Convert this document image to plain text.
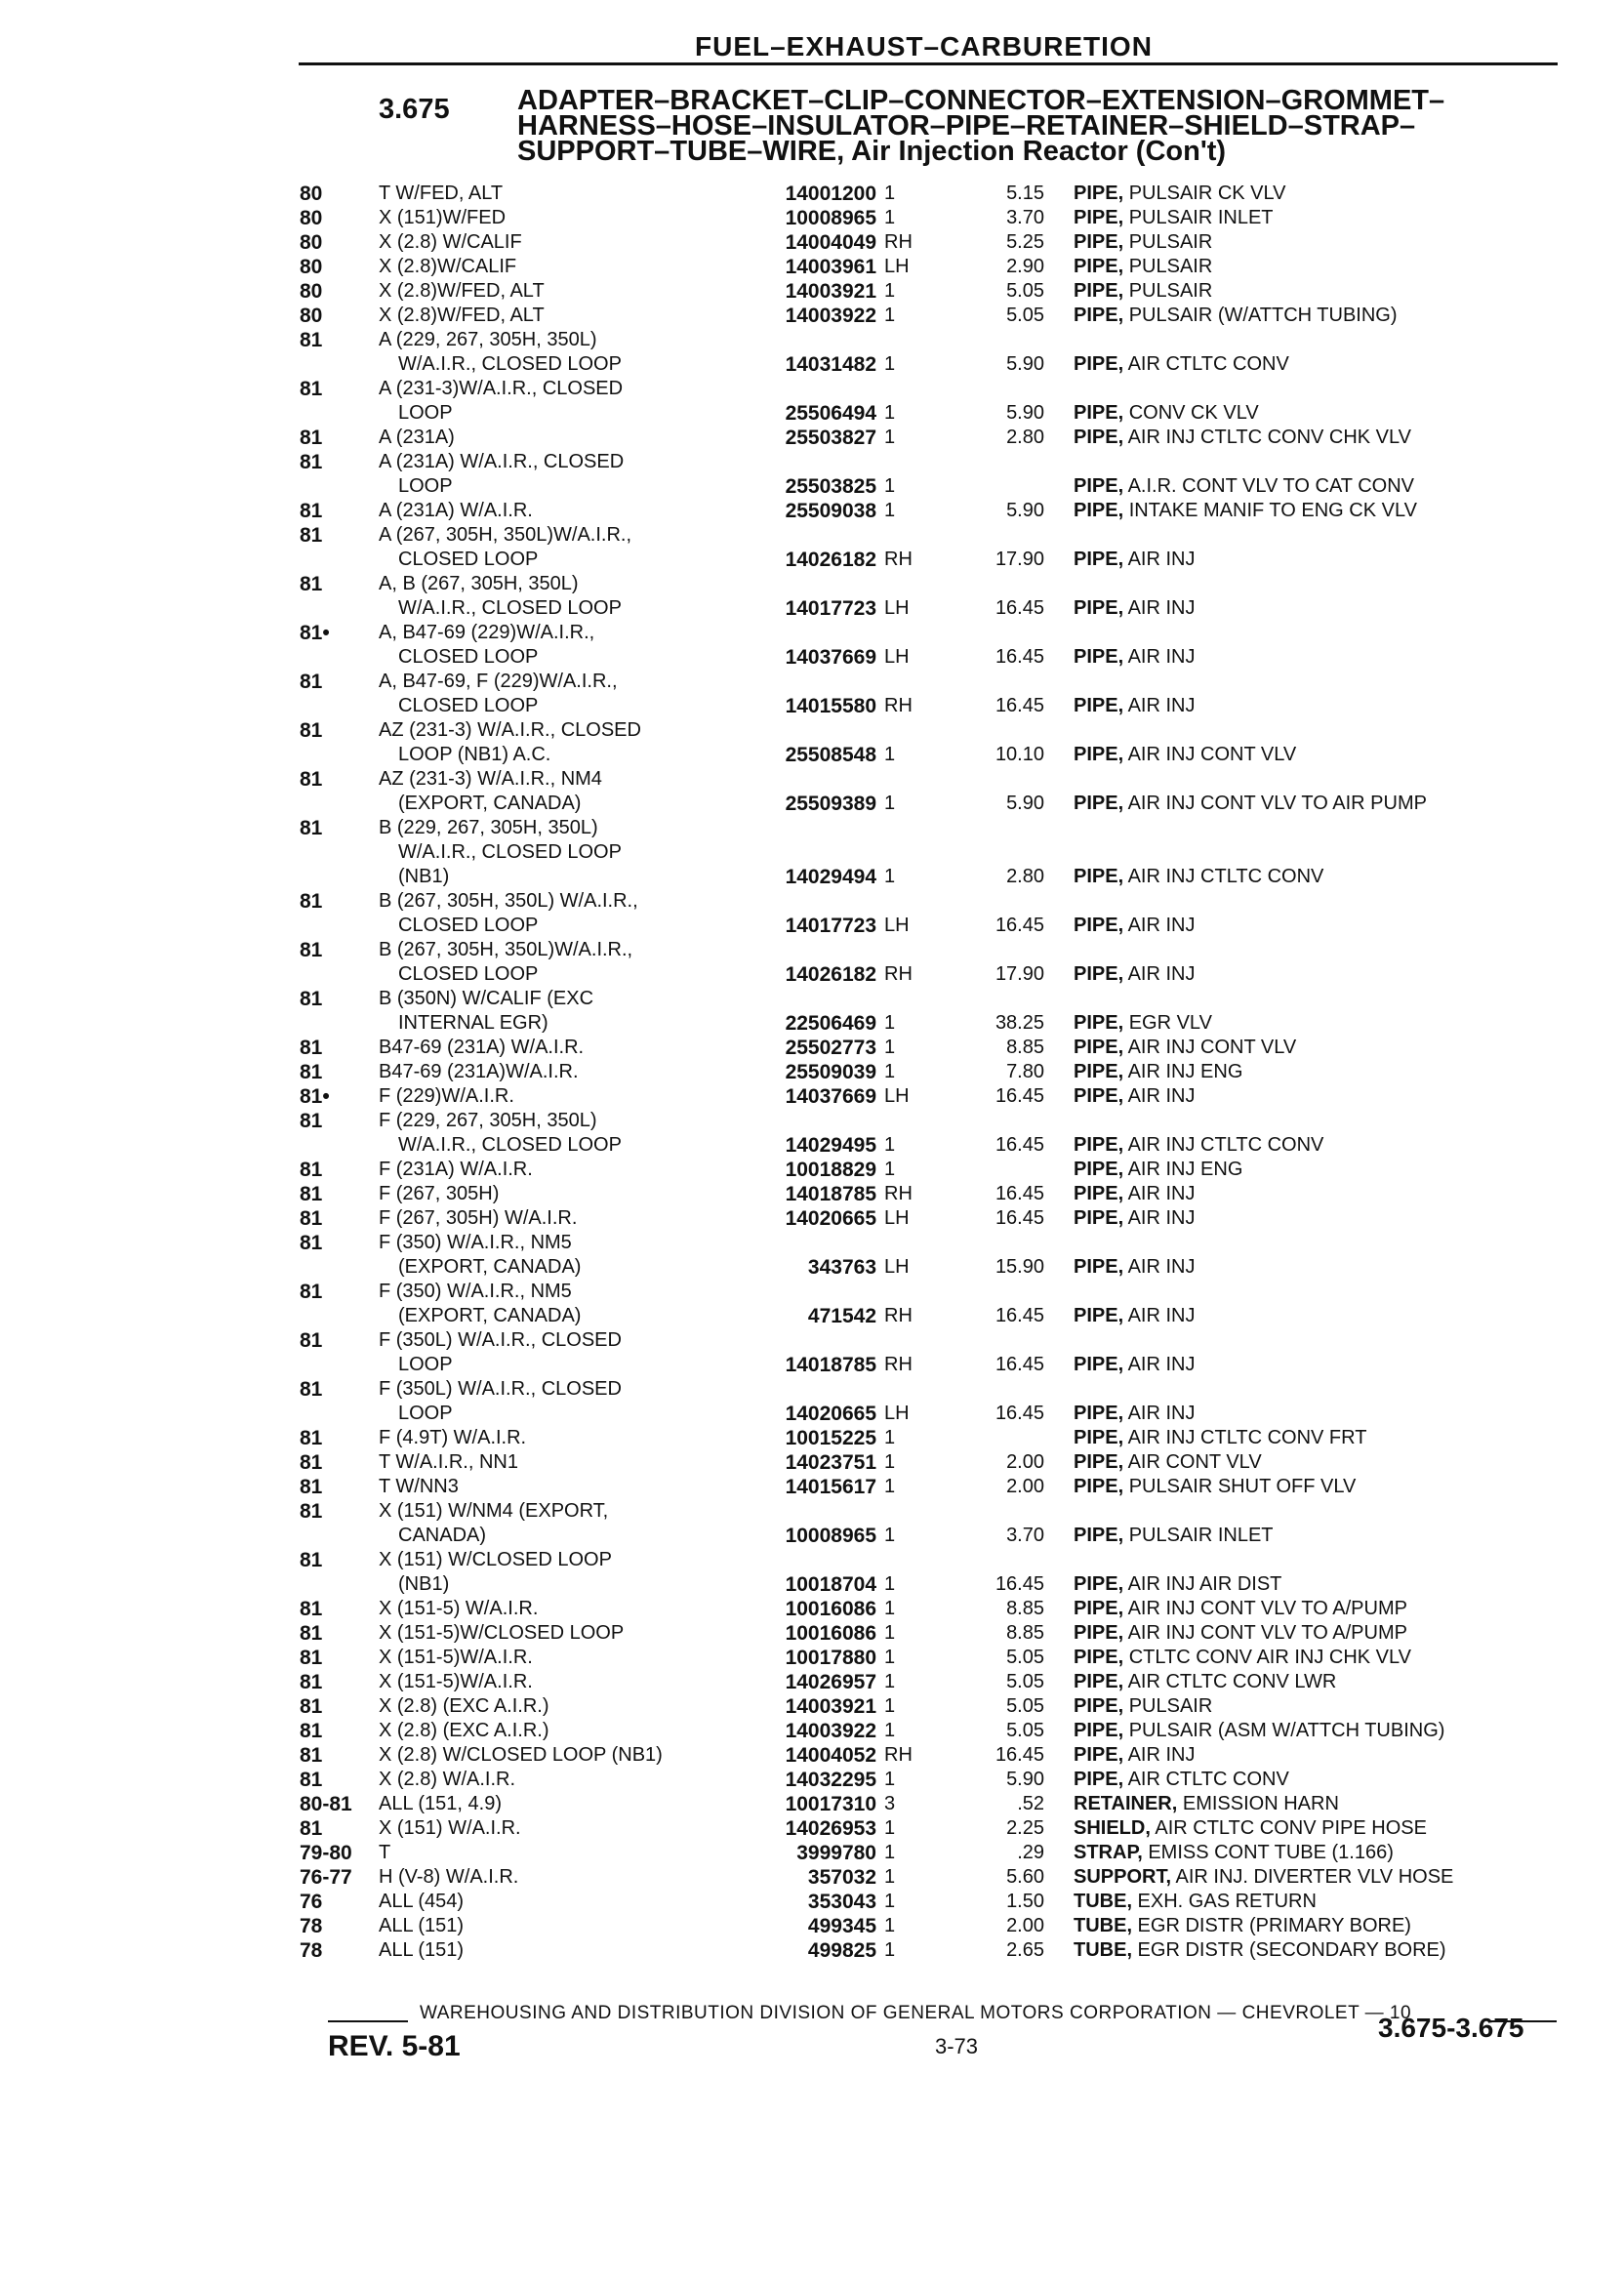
FUEL–EXHAUST–CARBURETION
3.675 ADAPTER–BRACKET–CLIP–CONNECTOR–EXTENSION–GROMMET–
HARNESS–HOSE–INSULATOR–PIPE–RETAINER–SHIELD–STRAP–
SUPPORT–TUBE–WIRE, Air Injection Reactor (Con't)
80	T W/FED, ALT	14001200 1	5.15 PIPE, PULSAIR CK VLV
80	X (151)W/FED	10008965 1	3.70 PIPE, PULSAIR INLET
80	X (2.8) W/CALIF	14004049 RH	5.25 PIPE, PULSAIR
80	X (2.8)W/CALIF	14003961 LH	2.90 PIPE, PULSAIR
80	X (2.8)W/FED, ALT	14003921 1	5.05 PIPE, PULSAIR
80	X (2.8)W/FED, ALT	14003922 1	5.05 PIPE, PULSAIR (W/ATTCH TUBING)
81	A (229, 267, 305H, 350L)
W/A.I.R., CLOSED LOOP	14031482 1	5.90 PIPE, AIR CTLTC CONV
81	A (231-3)W/A.I.R., CLOSED
LOOP	25506494 1	5.90 PIPE, CONV CK VLV
81	A (231A)	25503827 1	2.80 PIPE, AIR INJ CTLTC CONV CHK VLV
81	A (231A) W/A.I.R., CLOSED
LOOP	25503825 1	PIPE, A.I.R. CONT VLV TO CAT CONV
81	A (231A) W/A.I.R.	25509038 1	5.90 PIPE, INTAKE MANIF TO ENG CK VLV
81	A (267, 305H, 350L)W/A.I.R.,
CLOSED LOOP	14026182 RH	17.90 PIPE, AIR INJ
81	A, B (267, 305H, 350L)
W/A.I.R., CLOSED LOOP	14017723 LH	16.45 PIPE, AIR INJ
81•	A, B47-69 (229)W/A.I.R.,
CLOSED LOOP	14037669 LH	16.45 PIPE, AIR INJ
81	A, B47-69, F (229)W/A.I.R.,
CLOSED LOOP	14015580 RH	16.45 PIPE, AIR INJ
81	AZ (231-3) W/A.I.R., CLOSED
LOOP (NB1) A.C.	25508548 1	10.10 PIPE, AIR INJ CONT VLV
81	AZ (231-3) W/A.I.R., NM4
(EXPORT, CANADA)	25509389 1	5.90 PIPE, AIR INJ CONT VLV TO AIR PUMP
81	B (229, 267, 305H, 350L)
W/A.I.R., CLOSED LOOP
(NB1)	14029494 1	2.80 PIPE, AIR INJ CTLTC CONV
81	B (267, 305H, 350L) W/A.I.R.,
CLOSED LOOP	14017723 LH	16.45 PIPE, AIR INJ
81	B (267, 305H, 350L)W/A.I.R.,
CLOSED LOOP	14026182 RH	17.90 PIPE, AIR INJ
81	B (350N) W/CALIF (EXC
INTERNAL EGR)	22506469 1	38.25 PIPE, EGR VLV
81	B47-69 (231A) W/A.I.R.	25502773 1	8.85 PIPE, AIR INJ CONT VLV
81	B47-69 (231A)W/A.I.R.	25509039 1	7.80 PIPE, AIR INJ ENG
81•	F (229)W/A.I.R.	14037669 LH	16.45 PIPE, AIR INJ
81	F (229, 267, 305H, 350L)
W/A.I.R., CLOSED LOOP	14029495 1	16.45 PIPE, AIR INJ CTLTC CONV
81	F (231A) W/A.I.R.	10018829 1	PIPE, AIR INJ ENG
81	F (267, 305H)	14018785 RH	16.45 PIPE, AIR INJ
81	F (267, 305H) W/A.I.R.	14020665 LH	16.45 PIPE, AIR INJ
81	F (350) W/A.I.R., NM5
(EXPORT, CANADA)	343763 LH	15.90 PIPE, AIR INJ
81	F (350) W/A.I.R., NM5
(EXPORT, CANADA)	471542 RH	16.45 PIPE, AIR INJ
81	F (350L) W/A.I.R., CLOSED
LOOP	14018785 RH	16.45 PIPE, AIR INJ
81	F (350L) W/A.I.R., CLOSED
LOOP	14020665 LH	16.45 PIPE, AIR INJ
81	F (4.9T) W/A.I.R.	10015225 1	PIPE, AIR INJ CTLTC CONV FRT
81	T W/A.I.R., NN1	14023751 1	2.00 PIPE, AIR CONT VLV
81	T W/NN3	14015617 1	2.00 PIPE, PULSAIR SHUT OFF VLV
81	X (151) W/NM4 (EXPORT,
CANADA)	10008965 1	3.70 PIPE, PULSAIR INLET
81	X (151) W/CLOSED LOOP
(NB1)	10018704 1	16.45 PIPE, AIR INJ AIR DIST
81	X (151-5) W/A.I.R.	10016086 1	8.85 PIPE, AIR INJ CONT VLV TO A/PUMP
81	X (151-5)W/CLOSED LOOP	10016086 1	8.85 PIPE, AIR INJ CONT VLV TO A/PUMP
81	X (151-5)W/A.I.R.	10017880 1	5.05 PIPE, CTLTC CONV AIR INJ CHK VLV
81	X (151-5)W/A.I.R.	14026957 1	5.05 PIPE, AIR CTLTC CONV LWR
81	X (2.8) (EXC A.I.R.)	14003921 1	5.05 PIPE, PULSAIR
81	X (2.8) (EXC A.I.R.)	14003922 1	5.05 PIPE, PULSAIR (ASM W/ATTCH TUBING)
81	X (2.8) W/CLOSED LOOP (NB1)	14004052 RH	16.45 PIPE, AIR INJ
81	X (2.8) W/A.I.R.	14032295 1	5.90 PIPE, AIR CTLTC CONV
80-81 ALL (151, 4.9)	10017310 3	.52 RETAINER, EMISSION HARN
81	X (151) W/A.I.R.	14026953 1	2.25 SHIELD, AIR CTLTC CONV PIPE HOSE
79-80 T	3999780 1	.29 STRAP, EMISS CONT TUBE (1.166)
76-77 H (V-8) W/A.I.R.	357032 1	5.60 SUPPORT, AIR INJ. DIVERTER VLV HOSE
76	ALL (454)	353043 1	1.50 TUBE, EXH. GAS RETURN
78	ALL (151)	499345 1	2.00 TUBE, EGR DISTR (PRIMARY BORE)
78	ALL (151)	499825 1	2.65 TUBE, EGR DISTR (SECONDARY BORE)
WAREHOUSING AND DISTRIBUTION DIVISION OF GENERAL MOTORS CORPORATION — CHEVROLET — 10
REV. 5-81	3-73
3.675-3.675
